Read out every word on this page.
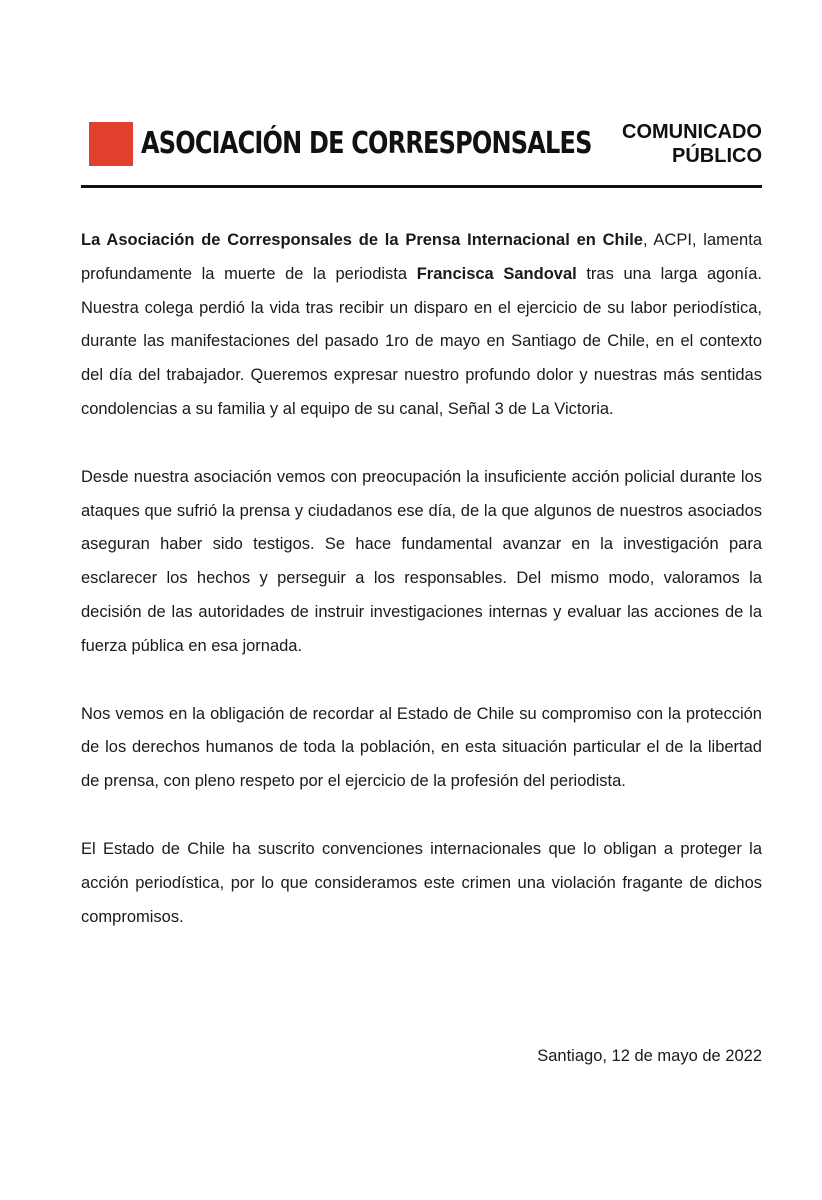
ASOCIACIÓN DE CORRESPONSALES	COMUNICADO
PÚBLICO

La Asociación de Corresponsales de la Prensa Internacional en Chile, ACPI, lamenta profundamente la muerte de la periodista Francisca Sandoval tras una larga agonía. Nuestra colega perdió la vida tras recibir un disparo en el ejercicio de su labor periodística, durante las manifestaciones del pasado 1ro de mayo en Santiago de Chile, en el contexto del día del trabajador. Queremos expresar nuestro profundo dolor y nuestras más sentidas condolencias a su familia y al equipo de su canal, Señal 3 de La Victoria.

Desde nuestra asociación vemos con preocupación la insuficiente acción policial durante los ataques que sufrió la prensa y ciudadanos ese día, de la que algunos de nuestros asociados aseguran haber sido testigos. Se hace fundamental avanzar en la investigación para esclarecer los hechos y perseguir a los responsables. Del mismo modo, valoramos la decisión de las autoridades de instruir investigaciones internas y evaluar las acciones de la fuerza pública en esa jornada.

Nos vemos en la obligación de recordar al Estado de Chile su compromiso con la protección de los derechos humanos de toda la población, en esta situación particular el de la libertad de prensa, con pleno respeto por el ejercicio de la profesión del periodista.

El Estado de Chile ha suscrito convenciones internacionales que lo obligan a proteger la acción periodística, por lo que consideramos este crimen una violación fragante de dichos compromisos.

Santiago, 12 de mayo de 2022
